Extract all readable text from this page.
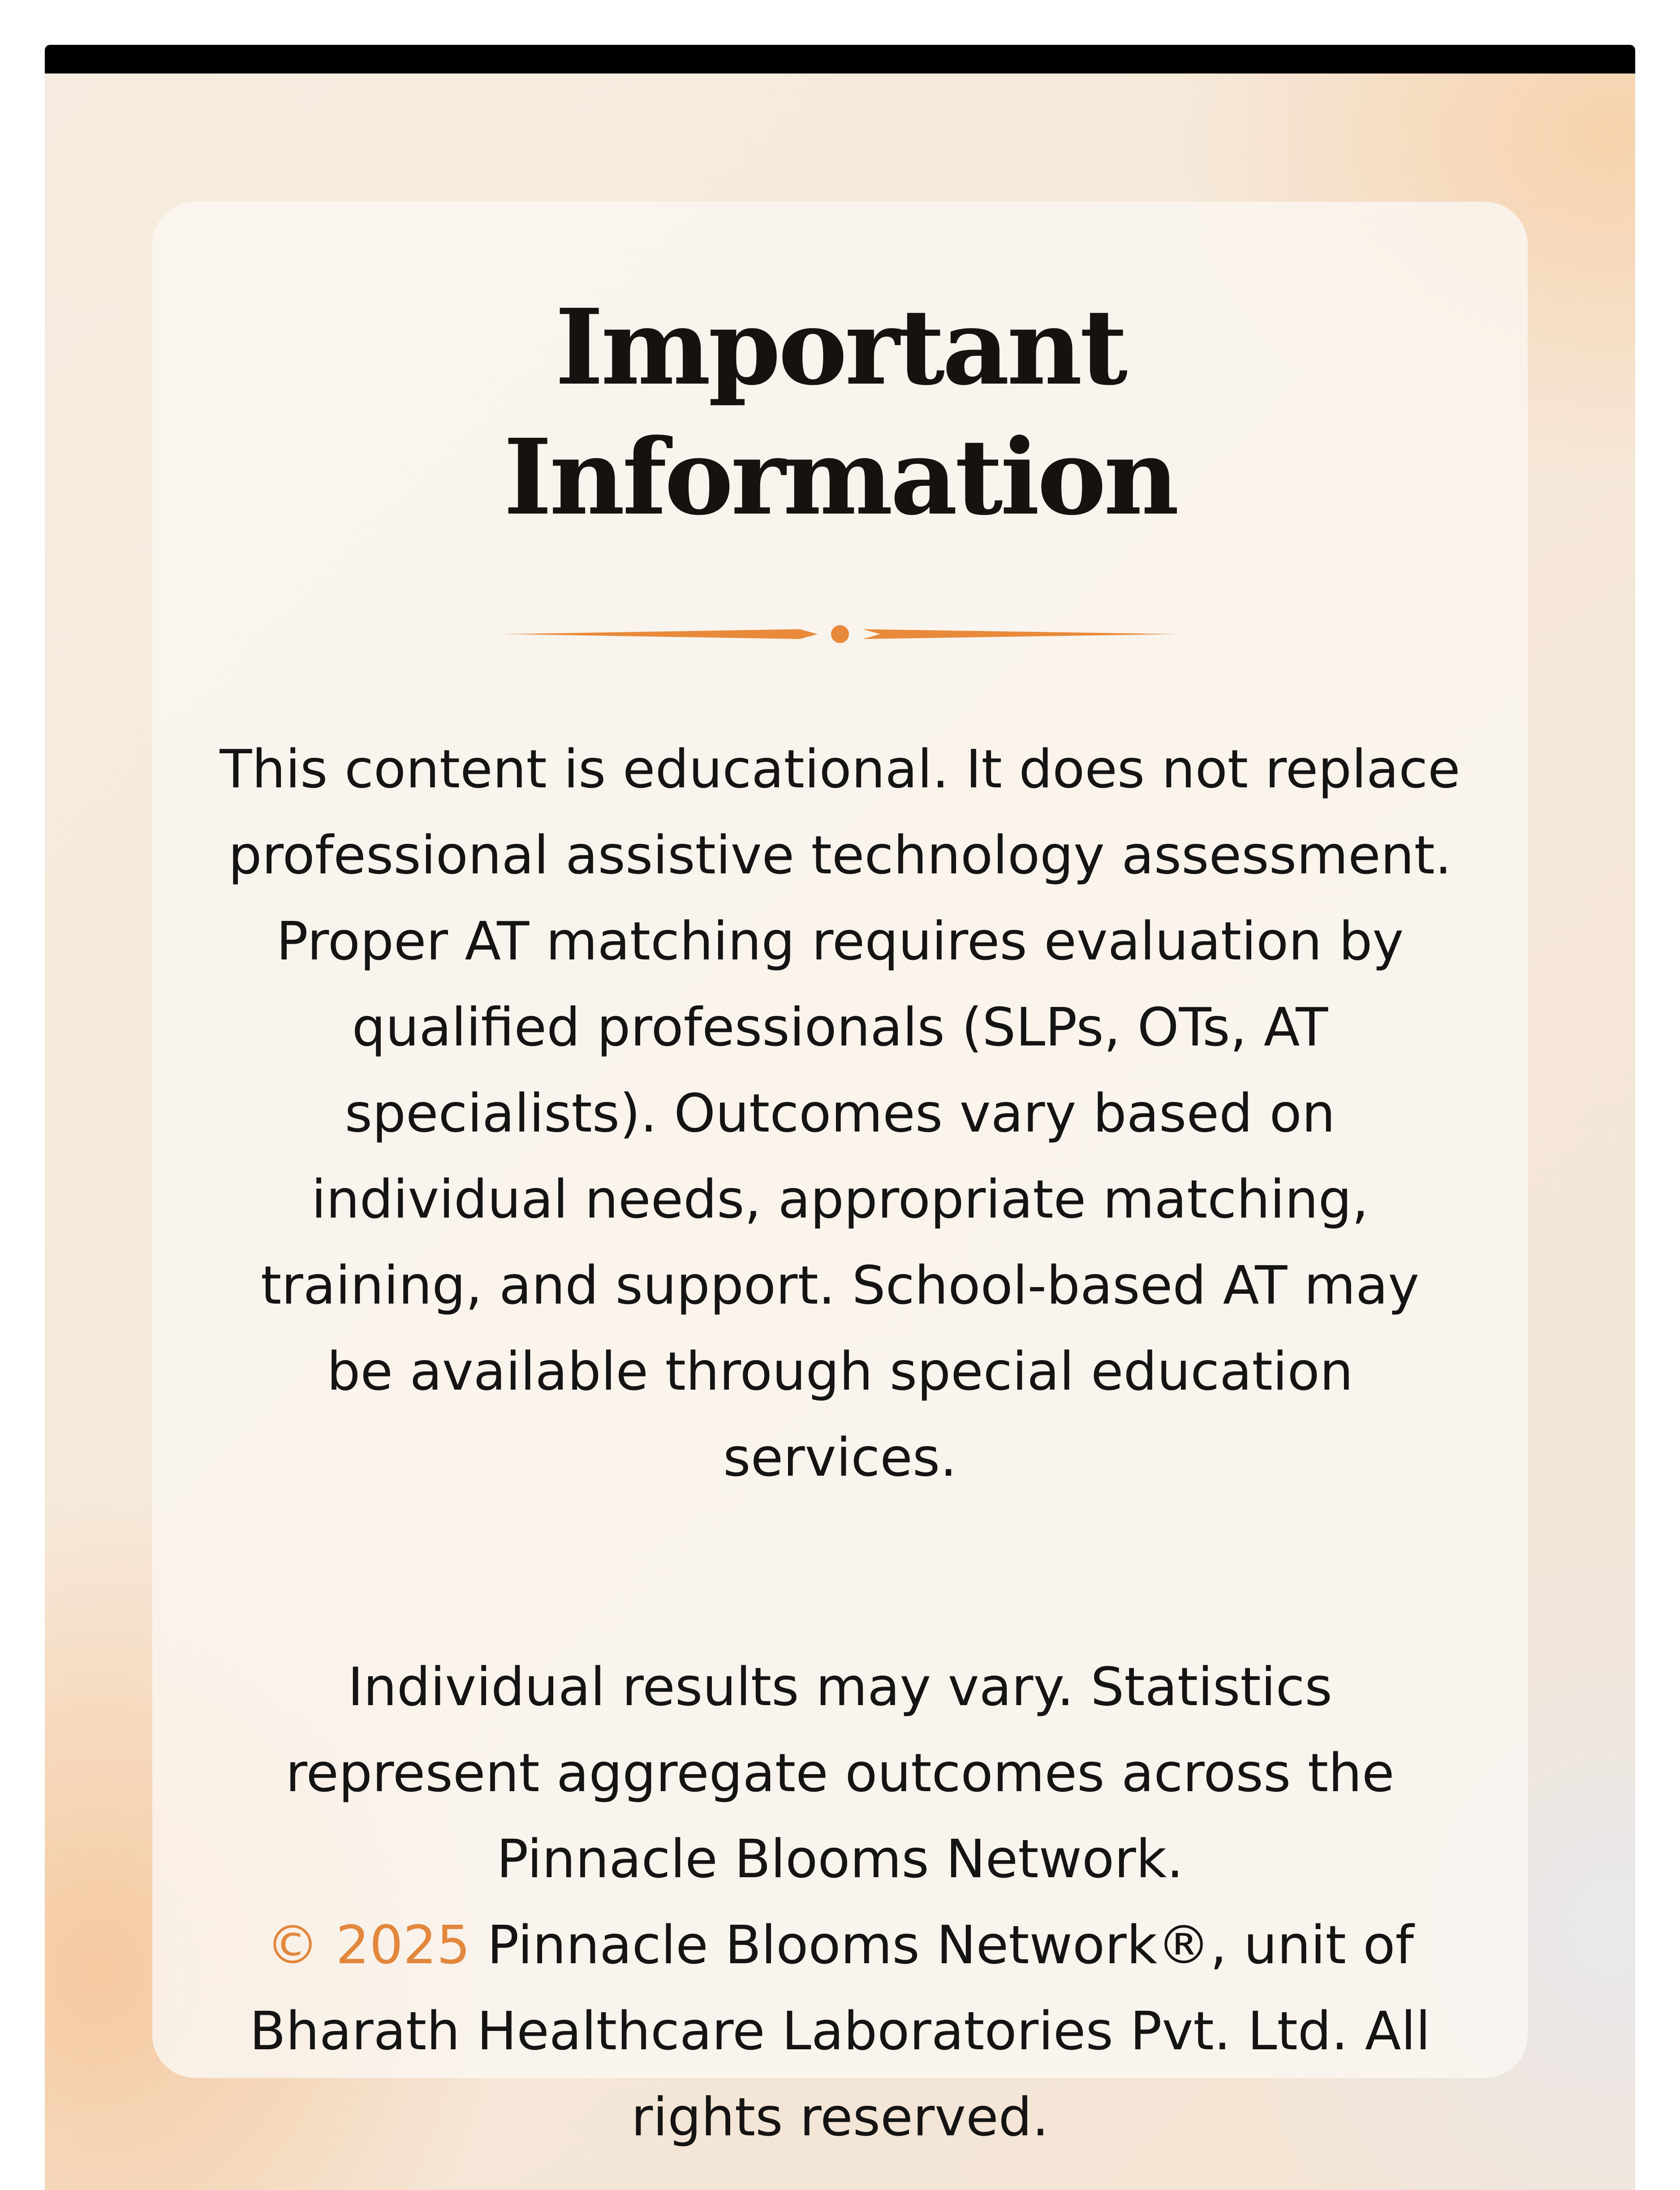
Important Information

This content is educational. It does not replace professional assistive technology assessment. Proper AT matching requires evaluation by qualified professionals (SLPs, OTs, AT specialists). Outcomes vary based on individual needs, appropriate matching, training, and support. School-based AT may be available through special education services.

Individual results may vary. Statistics represent aggregate outcomes across the Pinnacle Blooms Network.
© 2025 Pinnacle Blooms Network®, unit of Bharath Healthcare Laboratories Pvt. Ltd. All rights reserved.
